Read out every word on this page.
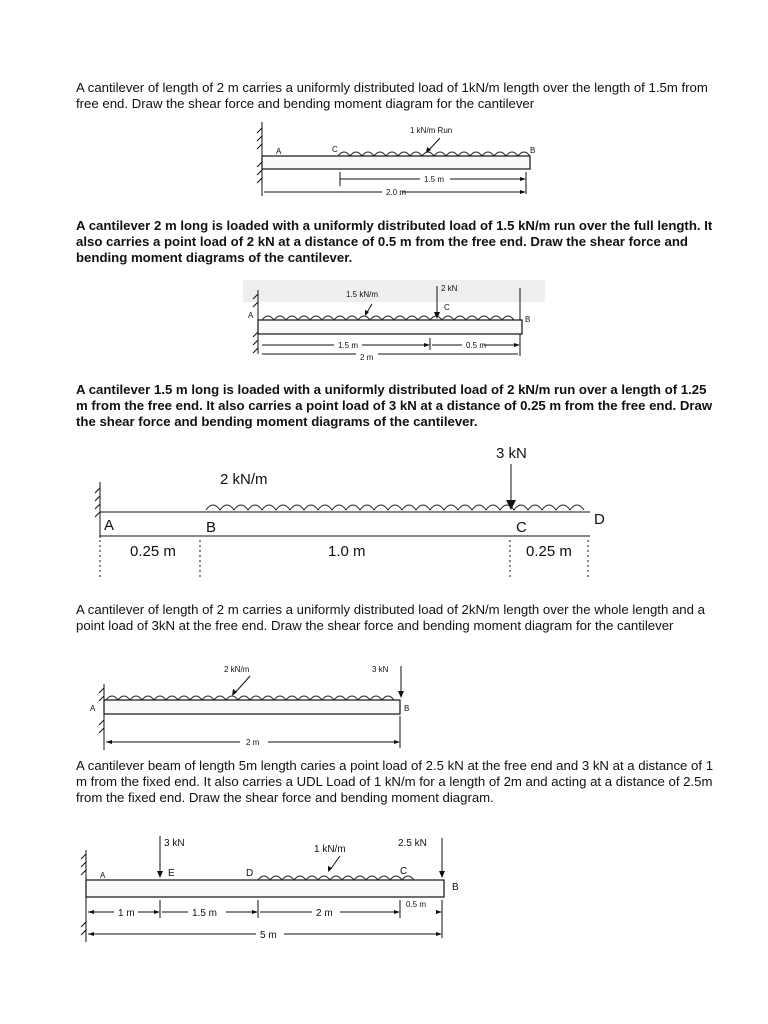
A cantilever of length of 2 m carries a uniformly distributed load of 1kN/m length over the length of 1.5m from free end. Draw the shear force and bending moment diagram for the cantilever

1 kN/m Run
A	C	B
1.5 m
2.0 m

A cantilever 2 m long is loaded with a uniformly distributed load of 1.5 kN/m run over the full length. It also carries a point load of 2 kN at a distance of 0.5 m from the free end. Draw the shear force and bending moment diagrams of the cantilever.

1.5 kN/m
2 kN
A
C
B
1.5 m	0.5 m
2 m

A cantilever 1.5 m long is loaded with a uniformly distributed load of 2 kN/m run over a length of 1.25 m from the free end. It also carries a point load of 3 kN at a distance of 0.25 m from the free end. Draw the shear force and bending moment diagrams of the cantilever.

3 kN
2 kN/m
A	B	C	D
0.25 m	1.0 m	0.25 m

A cantilever of length of 2 m carries a uniformly distributed load of 2kN/m length over the whole length and a point load of 3kN at the free end. Draw the shear force and bending moment diagram for the cantilever

2 kN/m	3 kN
A	B
2 m

A cantilever beam of length 5m length caries a point load of 2.5 kN at the free end and 3 kN at a distance of 1 m from the fixed end. It also carries a UDL Load of 1 kN/m for a length of 2m and acting at a distance of 2.5m from the fixed end. Draw the shear force and bending moment diagram.

3 kN
1 kN/m
2.5 kN
A	E	D	C
B
1 m	1.5 m	2 m
0.5 m
5 m
